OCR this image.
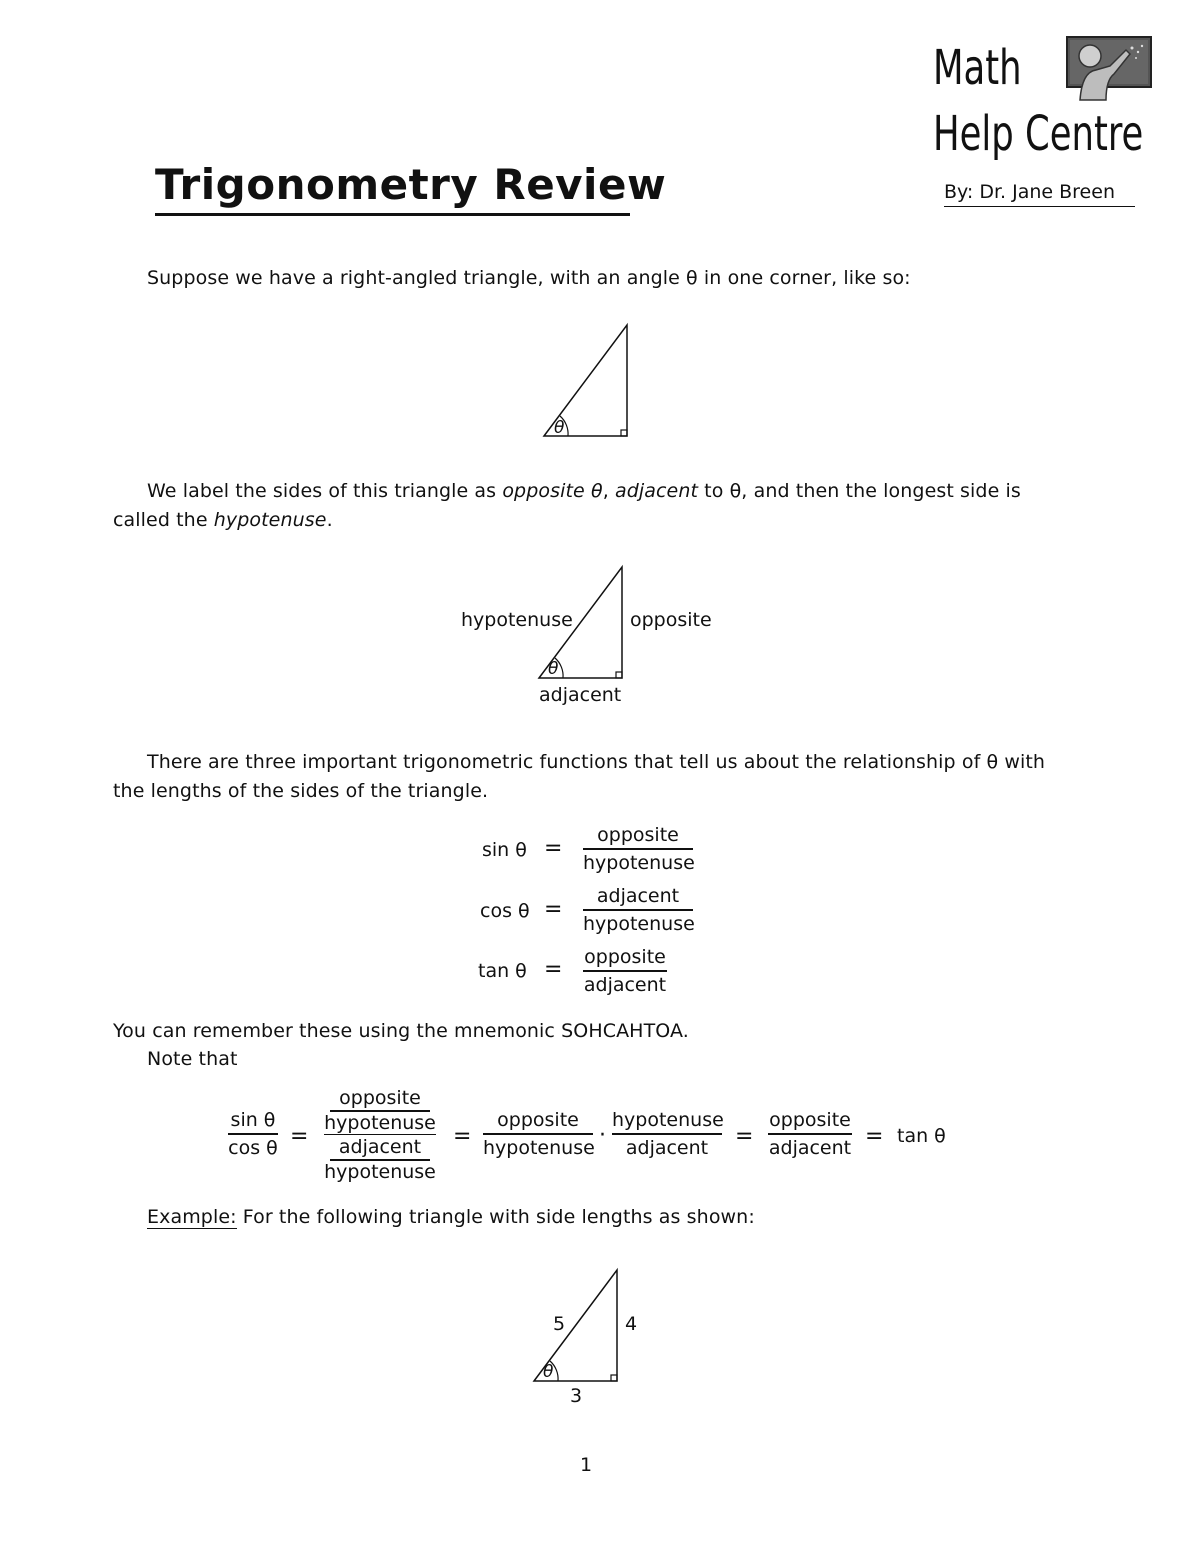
Math
Help Centre
Trigonometry Review	By: Dr. Jane Breen
Suppose we have a right-angled triangle, with an angle θ in one corner, like so:
θ
We label the sides of this triangle as opposite θ, adjacent to θ, and then the longest side is
called the hypotenuse.
θ
hypotenuse	opposite
adjacent
There are three important trigonometric functions that tell us about the relationship of θ with
the lengths of the sides of the triangle.
sin θ =
opposite
hypotenuse
cos θ =
adjacent
hypotenuse
tan θ = opposite
adjacent
You can remember these using the mnemonic SOHCAHTOA.
Note that
sin θ
cos θ =
opposite
hypotenuse
adjacent
hypotenuse
=
opposite
hypotenuse ·
hypotenuse
adjacent	=
opposite
adjacent = tan θ
Example: For the following triangle with side lengths as shown:
θ
5	4
3
1
